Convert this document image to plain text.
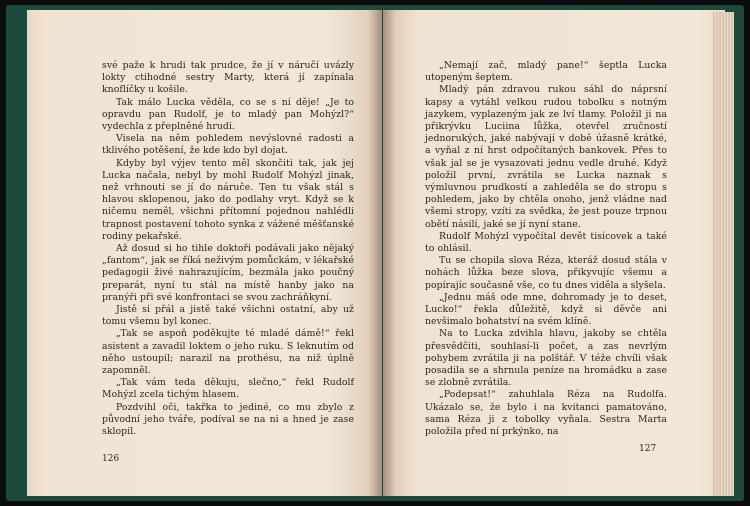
své paže k hrudi tak prudce, že jí v náručí uvázly lokty ctihodné sestry Marty, která jí zapínala knoflíčky u košile.

Tak málo Lucka věděla, co se s ní děje! „Je to opravdu pan Rudolf, je to mladý pan Mohýzl?“ vydechla z přeplněné hrudi.

Visela na něm pohledem nevýslovné radosti a tklivého potěšení, že kde kdo byl dojat.

Kdyby byl výjev tento měl skončiti tak, jak jej Lucka načala, nebyl by mohl Rudolf Mohýzl jinak, než vrhnouti se jí do náruče. Ten tu však stál s hlavou sklopenou, jako do podlahy vryt. Když se k ničemu neměl, všichni přítomní pojednou nahlédli trapnost postavení tohoto synka z vážené měšťanské rodiny pekařské.

Až dosud si ho tihle doktoři podávali jako nějaký „fantom“, jak se říká neživým pomůckám, v lékařské pedagogii živé nahrazujícím, bezmála jako poučný preparát, nyní tu stál na místě hanby jako na pranýři při své konfrontaci se svou zachráňkyní.

Jistě si přál a jistě také všichni ostatní, aby už tomu všemu byl konec.

„Tak se aspoň poděkujte té mladé dámě!“ řekl asistent a zavadil loktem o jeho ruku. S leknutím od něho ustoupil; narazil na prothésu, na niž úplně zapomněl.

„Tak vám teda děkuju, slečno,“ řekl Rudolf Mohýzl zcela tichým hlasem.

Pozdvihl oči, takřka to jediné, co mu zbylo z původní jeho tváře, podíval se na ni a hned je zase sklopil.

126

„Nemají zač, mladý pane!“ šeptla Lucka utopeným šeptem.

Mladý pán zdravou rukou sáhl do náprsní kapsy a vytáhl velkou rudou tobolku s notným jazykem, vyplazeným jak ze lví tlamy. Položil ji na přikrývku Luciina lůžka, otevřel zručností jednorukých, jaké nabývají v době úžasně krátké, a vyňal z ní hrst odpočítaných bankovek. Přes to však jal se je vysazovati jednu vedle druhé. Když položil první, zvrátila se Lucka naznak s výmluvnou prudkostí a zahleděla se do stropu s pohledem, jako by chtěla onoho, jenž vládne nad všemi stropy, vzíti za svědka, že jest pouze trpnou obětí násilí, jaké se jí nyní stane.

Rudolf Mohýzl vypočítal devět tisícovek a také to ohlásil.

Tu se chopila slova Réza, kteráž dosud stála v nohách lůžka beze slova, přikyvujíc všemu a popírajíc současně vše, co tu dnes viděla a slyšela.

„Jednu máš ode mne, dohromady je to deset, Lucko!“ řekla důležitě, když si děvče ani nevšimalo bohatství na svém klíně.

Na to Lucka zdvihla hlavu, jakoby se chtěla přesvědčiti, souhlasí-li počet, a zas nevrlým pohybem zvrátila ji na polštář. V téže chvíli však posadila se a shrnula peníze na hromádku a zase se zlobně zvrátila.

„Podepsat!“ zahuhlala Réza na Rudolfa. Ukázalo se, že bylo i na kvitanci pamatováno, sama Réza ji z tobolky vyňala. Sestra Marta položila před ní prkýnko, na

127
